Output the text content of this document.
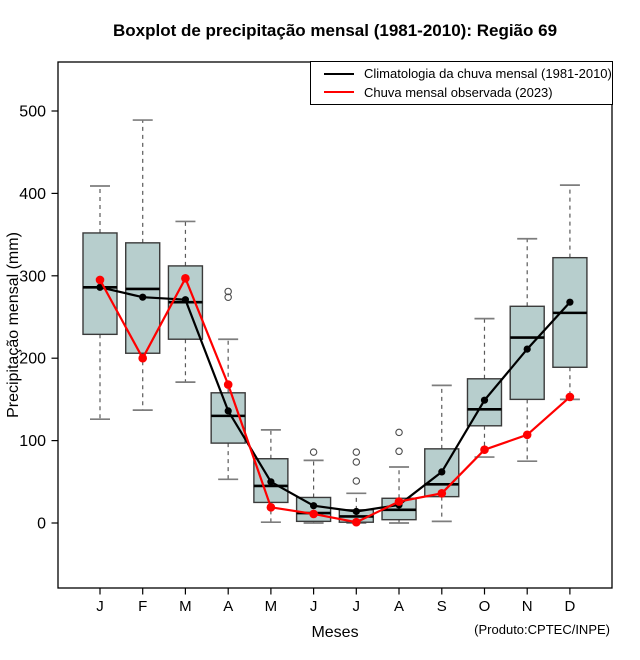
0
100
200
300
400
500
J F M A M J J A S O N D
Boxplot de precipitação mensal (1981-2010): Região 69
Precipitação mensal (mm)
Meses	(Produto:CPTEC/INPE)
Climatologia da chuva mensal (1981-2010)
Chuva mensal observada (2023)
